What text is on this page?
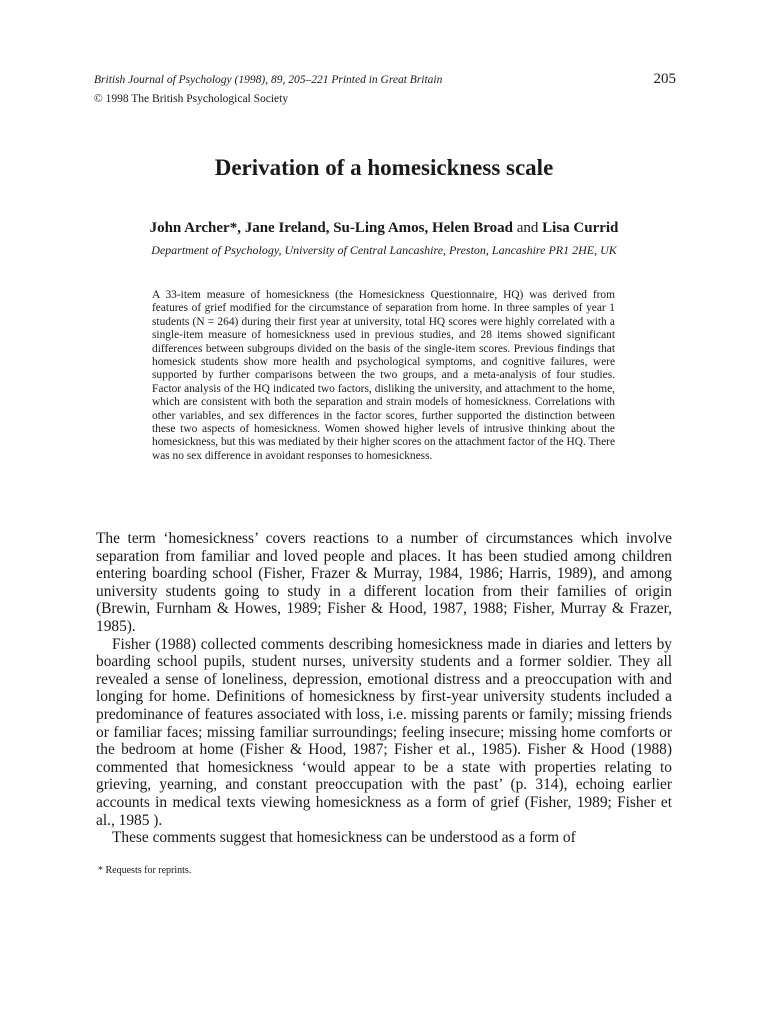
British Journal of Psychology (1998), 89, 205–221 Printed in Great Britain	205
© 1998 The British Psychological Society
Derivation of a homesickness scale
John Archer*, Jane Ireland, Su-Ling Amos, Helen Broad and Lisa Currid
Department of Psychology, University of Central Lancashire, Preston, Lancashire PR1 2HE, UK

A 33-item measure of homesickness (the Homesickness Questionnaire, HQ) was derived from features of grief modified for the circumstance of separation from home. In three samples of year 1 students (N = 264) during their first year at university, total HQ scores were highly correlated with a single-item measure of homesickness used in previous studies, and 28 items showed significant differences between subgroups divided on the basis of the single-item scores. Previous findings that homesick students show more health and psychological symptoms, and cognitive failures, were supported by further comparisons between the two groups, and a meta-analysis of four studies. Factor analysis of the HQ indicated two factors, disliking the university, and attachment to the home, which are consistent with both the separation and strain models of homesickness. Correlations with other variables, and sex differences in the factor scores, further supported the distinction between these two aspects of homesickness. Women showed higher levels of intrusive thinking about the homesickness, but this was mediated by their higher scores on the attachment factor of the HQ. There was no sex difference in avoidant responses to homesickness.

The term ‘homesickness’ covers reactions to a number of circumstances which involve separation from familiar and loved people and places. It has been studied among children entering boarding school (Fisher, Frazer & Murray, 1984, 1986; Harris, 1989), and among university students going to study in a different location from their families of origin (Brewin, Furnham & Howes, 1989; Fisher & Hood, 1987, 1988; Fisher, Murray & Frazer, 1985).

Fisher (1988) collected comments describing homesickness made in diaries and letters by boarding school pupils, student nurses, university students and a former soldier. They all revealed a sense of loneliness, depression, emotional distress and a preoccupation with and longing for home. Definitions of homesickness by first-year university students included a predominance of features associated with loss, i.e. missing parents or family; missing friends or familiar faces; missing familiar surroundings; feeling insecure; missing home comforts or the bedroom at home (Fisher & Hood, 1987; Fisher et al., 1985). Fisher & Hood (1988) commented that homesickness ‘would appear to be a state with properties relating to grieving, yearning, and constant preoccupation with the past’ (p. 314), echoing earlier accounts in medical texts viewing homesickness as a form of grief (Fisher, 1989; Fisher et al., 1985 ).

These comments suggest that homesickness can be understood as a form of

* Requests for reprints.
